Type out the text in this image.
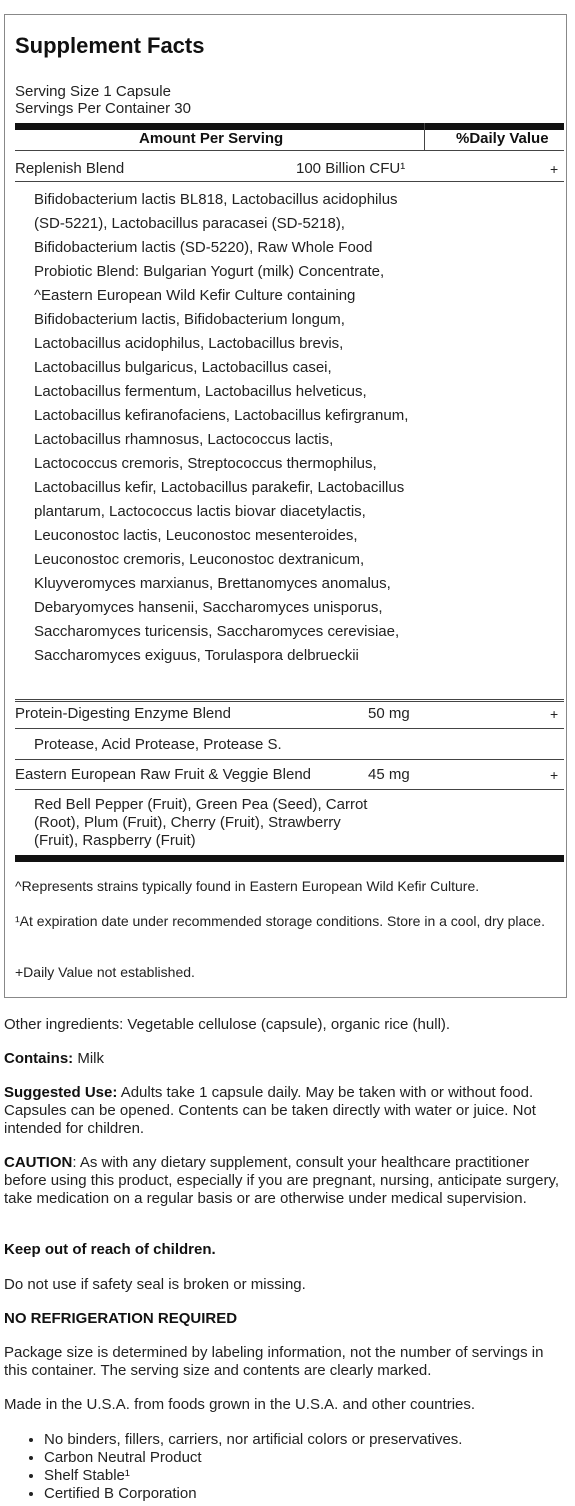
Supplement Facts
Serving Size 1 Capsule
Servings Per Container 30
Amount Per Serving	%Daily Value
Replenish Blend	100 Billion CFU¹	+
Bifidobacterium lactis BL818, Lactobacillus acidophilus (SD-5221), Lactobacillus paracasei (SD-5218), Bifidobacterium lactis (SD-5220), Raw Whole Food Probiotic Blend: Bulgarian Yogurt (milk) Concentrate, ^Eastern European Wild Kefir Culture containing Bifidobacterium lactis, Bifidobacterium longum, Lactobacillus acidophilus, Lactobacillus brevis, Lactobacillus bulgaricus, Lactobacillus casei, Lactobacillus fermentum, Lactobacillus helveticus, Lactobacillus kefiranofaciens, Lactobacillus kefirgranum, Lactobacillus rhamnosus, Lactococcus lactis, Lactococcus cremoris, Streptococcus thermophilus, Lactobacillus kefir, Lactobacillus parakefir, Lactobacillus plantarum, Lactococcus lactis biovar diacetylactis, Leuconostoc lactis, Leuconostoc mesenteroides, Leuconostoc cremoris, Leuconostoc dextranicum, Kluyveromyces marxianus, Brettanomyces anomalus, Debaryomyces hansenii, Saccharomyces unisporus, Saccharomyces turicensis, Saccharomyces cerevisiae, Saccharomyces exiguus, Torulaspora delbrueckii
Protein-Digesting Enzyme Blend	50 mg	+
Protease, Acid Protease, Protease S.
Eastern European Raw Fruit & Veggie Blend	45 mg	+
Red Bell Pepper (Fruit), Green Pea (Seed), Carrot (Root), Plum (Fruit), Cherry (Fruit), Strawberry (Fruit), Raspberry (Fruit)
^Represents strains typically found in Eastern European Wild Kefir Culture.
¹At expiration date under recommended storage conditions. Store in a cool, dry place.
+Daily Value not established.
Other ingredients: Vegetable cellulose (capsule), organic rice (hull).
Contains: Milk
Suggested Use: Adults take 1 capsule daily. May be taken with or without food. Capsules can be opened. Contents can be taken directly with water or juice. Not intended for children.
CAUTION: As with any dietary supplement, consult your healthcare practitioner before using this product, especially if you are pregnant, nursing, anticipate surgery, take medication on a regular basis or are otherwise under medical supervision.
Keep out of reach of children.
Do not use if safety seal is broken or missing.
NO REFRIGERATION REQUIRED
Package size is determined by labeling information, not the number of servings in this container. The serving size and contents are clearly marked.
Made in the U.S.A. from foods grown in the U.S.A. and other countries.
• No binders, fillers, carriers, nor artificial colors or preservatives.
• Carbon Neutral Product
• Shelf Stable¹
• Certified B Corporation
